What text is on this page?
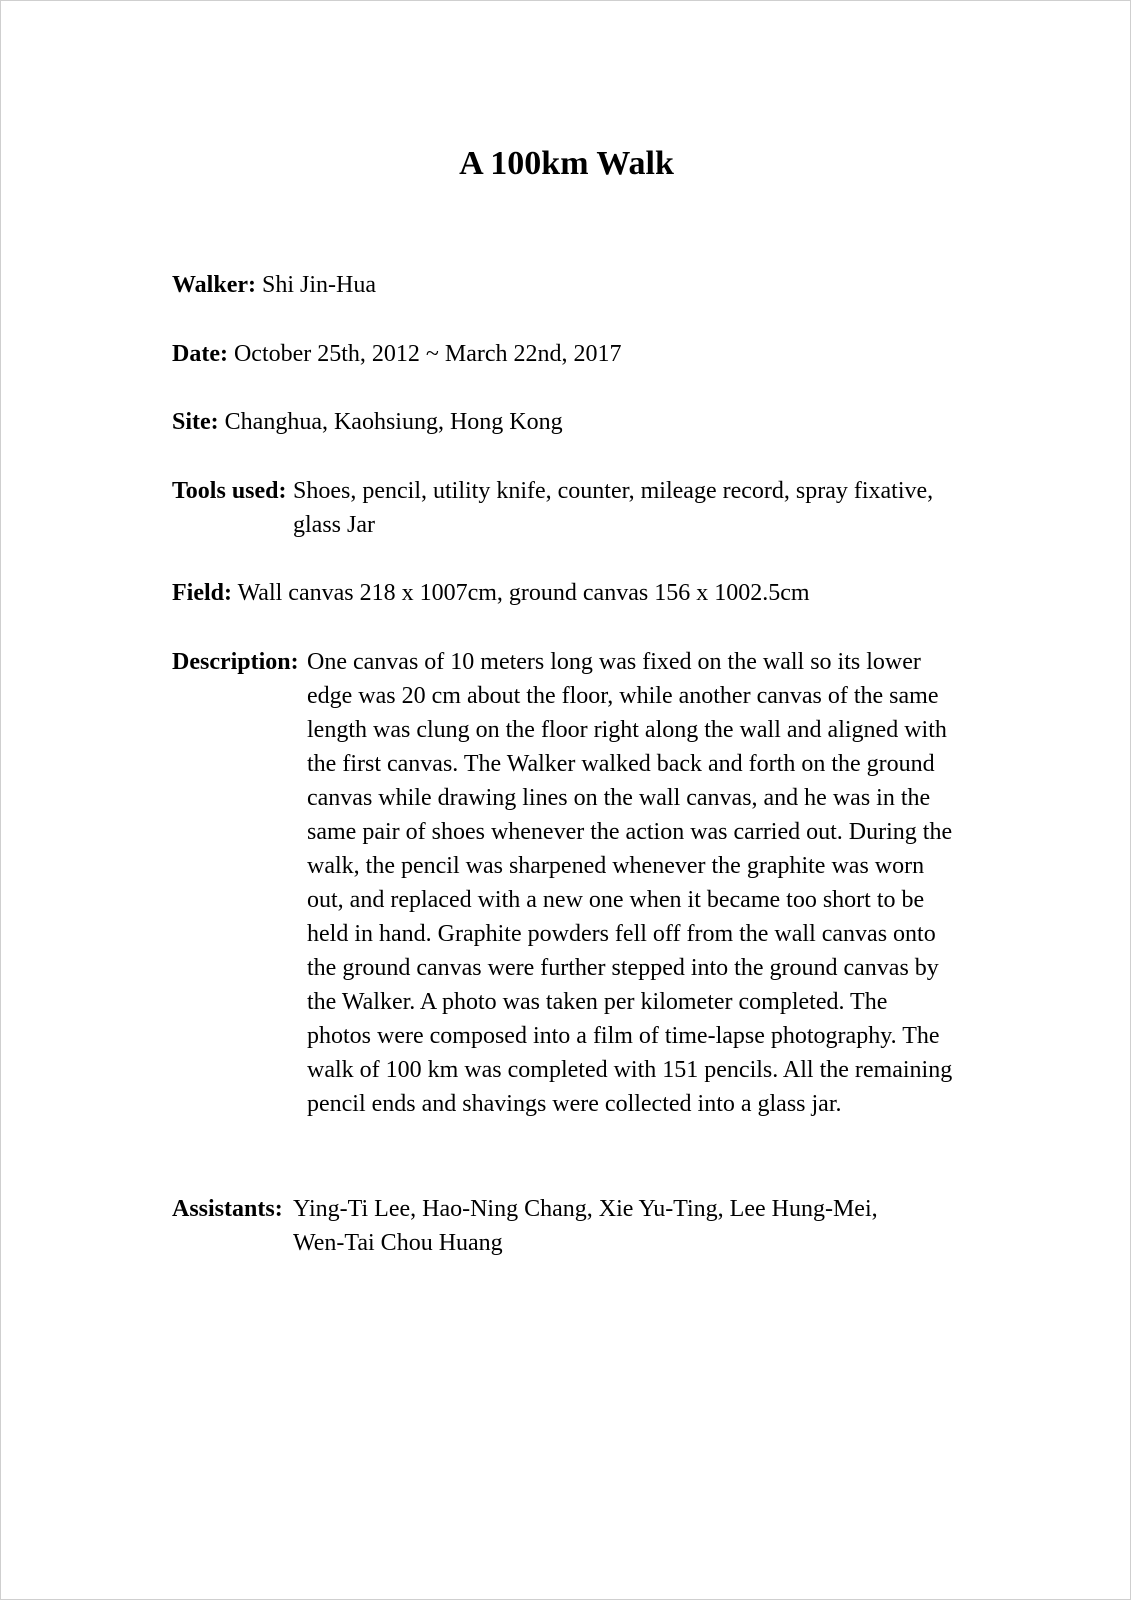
A 100km Walk
Walker: Shi Jin-Hua
Date: October 25th, 2012 ~ March 22nd, 2017
Site: Changhua, Kaohsiung, Hong Kong
Tools used: Shoes, pencil, utility knife, counter, mileage record, spray fixative,
glass Jar
Field: Wall canvas 218 x 1007cm, ground canvas 156 x 1002.5cm
Description: One canvas of 10 meters long was fixed on the wall so its lower
edge was 20 cm about the floor, while another canvas of the same
length was clung on the floor right along the wall and aligned with
the first canvas. The Walker walked back and forth on the ground
canvas while drawing lines on the wall canvas, and he was in the
same pair of shoes whenever the action was carried out. During the
walk, the pencil was sharpened whenever the graphite was worn
out, and replaced with a new one when it became too short to be
held in hand. Graphite powders fell off from the wall canvas onto
the ground canvas were further stepped into the ground canvas by
the Walker. A photo was taken per kilometer completed. The
photos were composed into a film of time-lapse photography. The
walk of 100 km was completed with 151 pencils. All the remaining
pencil ends and shavings were collected into a glass jar.
Assistants: Ying-Ti Lee, Hao-Ning Chang, Xie Yu-Ting, Lee Hung-Mei,
Wen-Tai Chou Huang
